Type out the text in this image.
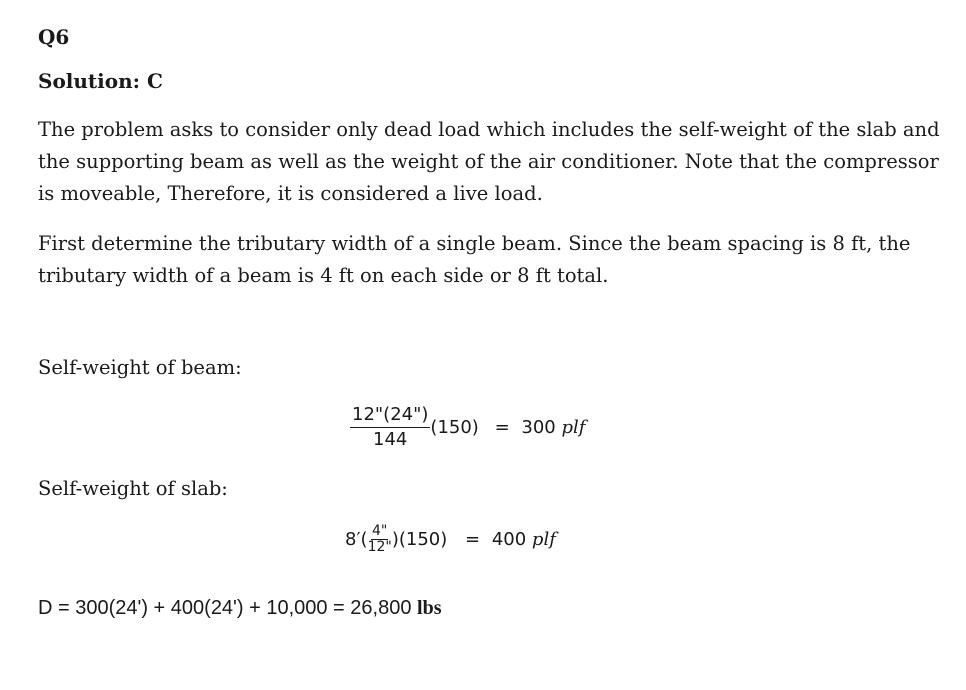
Q6
Solution: C
The problem asks to consider only dead load which includes the self-weight of the slab and the supporting beam as well as the weight of the air conditioner. Note that the compressor is moveable, Therefore, it is considered a live load.
First determine the tributary width of a single beam. Since the beam spacing is 8 ft, the tributary width of a beam is 4 ft on each side or 8 ft total.
Self-weight of beam:
$\frac{12"(24")}{144} (150) = 300$ plf
Self-weight of slab:
$8'( \frac{4"}{12"} )(150) = 400$ plf
D = 300(24') + 400(24') + 10,000 = 26,800 lbs
